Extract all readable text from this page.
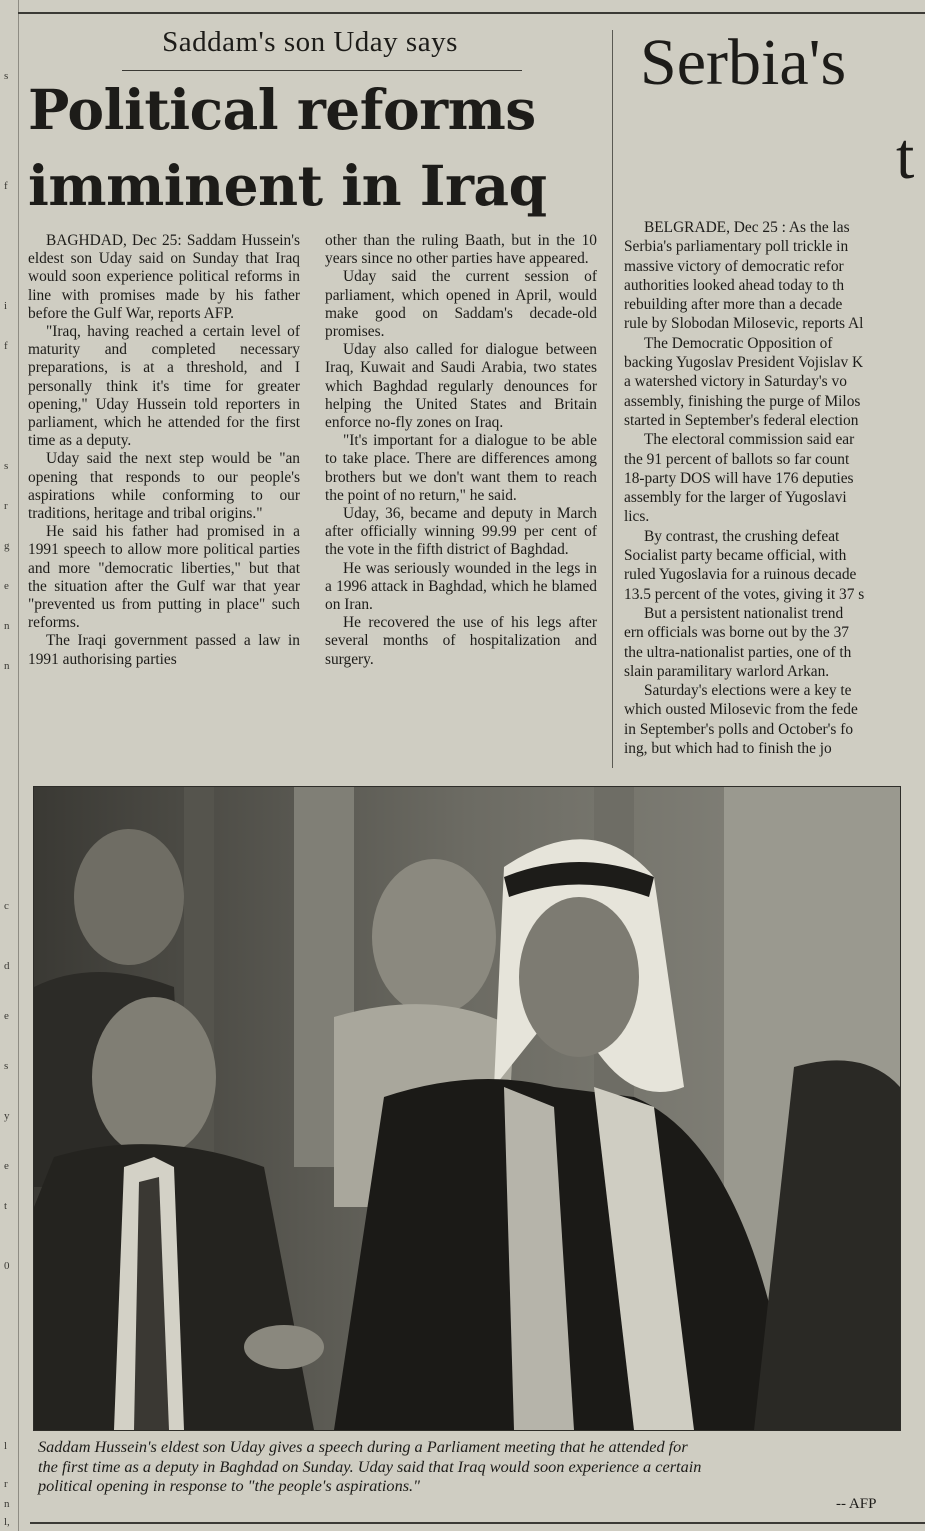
s
f
i
f
s
r
g
e
n
n
c
d
e
s
y
e
t
0
l
r
n
l,
Saddam's son Uday says
Political reforms
imminent in Iraq

BAGHDAD, Dec 25: Saddam Hussein's eldest son Uday said on Sunday that Iraq would soon experience political reforms in line with promises made by his father before the Gulf War, reports AFP.

"Iraq, having reached a certain level of maturity and completed necessary preparations, is at a threshold, and I personally think it's time for greater opening," Uday Hussein told reporters in parliament, which he attended for the first time as a deputy.

Uday said the next step would be "an opening that responds to our people's aspirations while conforming to our traditions, heritage and tribal origins."

He said his father had promised in a 1991 speech to allow more political parties and more "democratic liberties," but that the situation after the Gulf war that year "prevented us from putting in place" such reforms.

The Iraqi government passed a law in 1991 authorising parties

other than the ruling Baath, but in the 10 years since no other parties have appeared.

Uday said the current session of parliament, which opened in April, would make good on Saddam's decade-old promises.

Uday also called for dialogue between Iraq, Kuwait and Saudi Arabia, two states which Baghdad regularly denounces for helping the United States and Britain enforce no-fly zones on Iraq.

"It's important for a dialogue to be able to take place. There are differences among brothers but we don't want them to reach the point of no return," he said.

Uday, 36, became and deputy in March after officially winning 99.99 per cent of the vote in the fifth district of Baghdad.

He was seriously wounded in the legs in a 1996 attack in Baghdad, which he blamed on Iran.

He recovered the use of his legs after several months of hospitalization and surgery.

Serbia's
t
BELGRADE, Dec 25 : As the las
Serbia's parliamentary poll trickle in
massive victory of democratic refor
authorities looked ahead today to th
rebuilding after more than a decade
rule by Slobodan Milosevic, reports Al
The Democratic Opposition of
backing Yugoslav President Vojislav K
a watershed victory in Saturday's vo
assembly, finishing the purge of Milos
started in September's federal election
The electoral commission said ear
the 91 percent of ballots so far count
18-party DOS will have 176 deputies
assembly for the larger of Yugoslavi
lics.
By contrast, the crushing defeat
Socialist party became official, with
ruled Yugoslavia for a ruinous decade
13.5 percent of the votes, giving it 37 s
But a persistent nationalist trend
ern officials was borne out by the 37
the ultra-nationalist parties, one of th
slain paramilitary warlord Arkan.
Saturday's elections were a key te
which ousted Milosevic from the fede
in September's polls and October's fo
ing, but which had to finish the jo
Saddam Hussein's eldest son Uday gives a speech during a Parliament meeting that he attended for
the first time as a deputy in Baghdad on Sunday. Uday said that Iraq would soon experience a certain
political opening in response to "the people's aspirations."
-- AFP
